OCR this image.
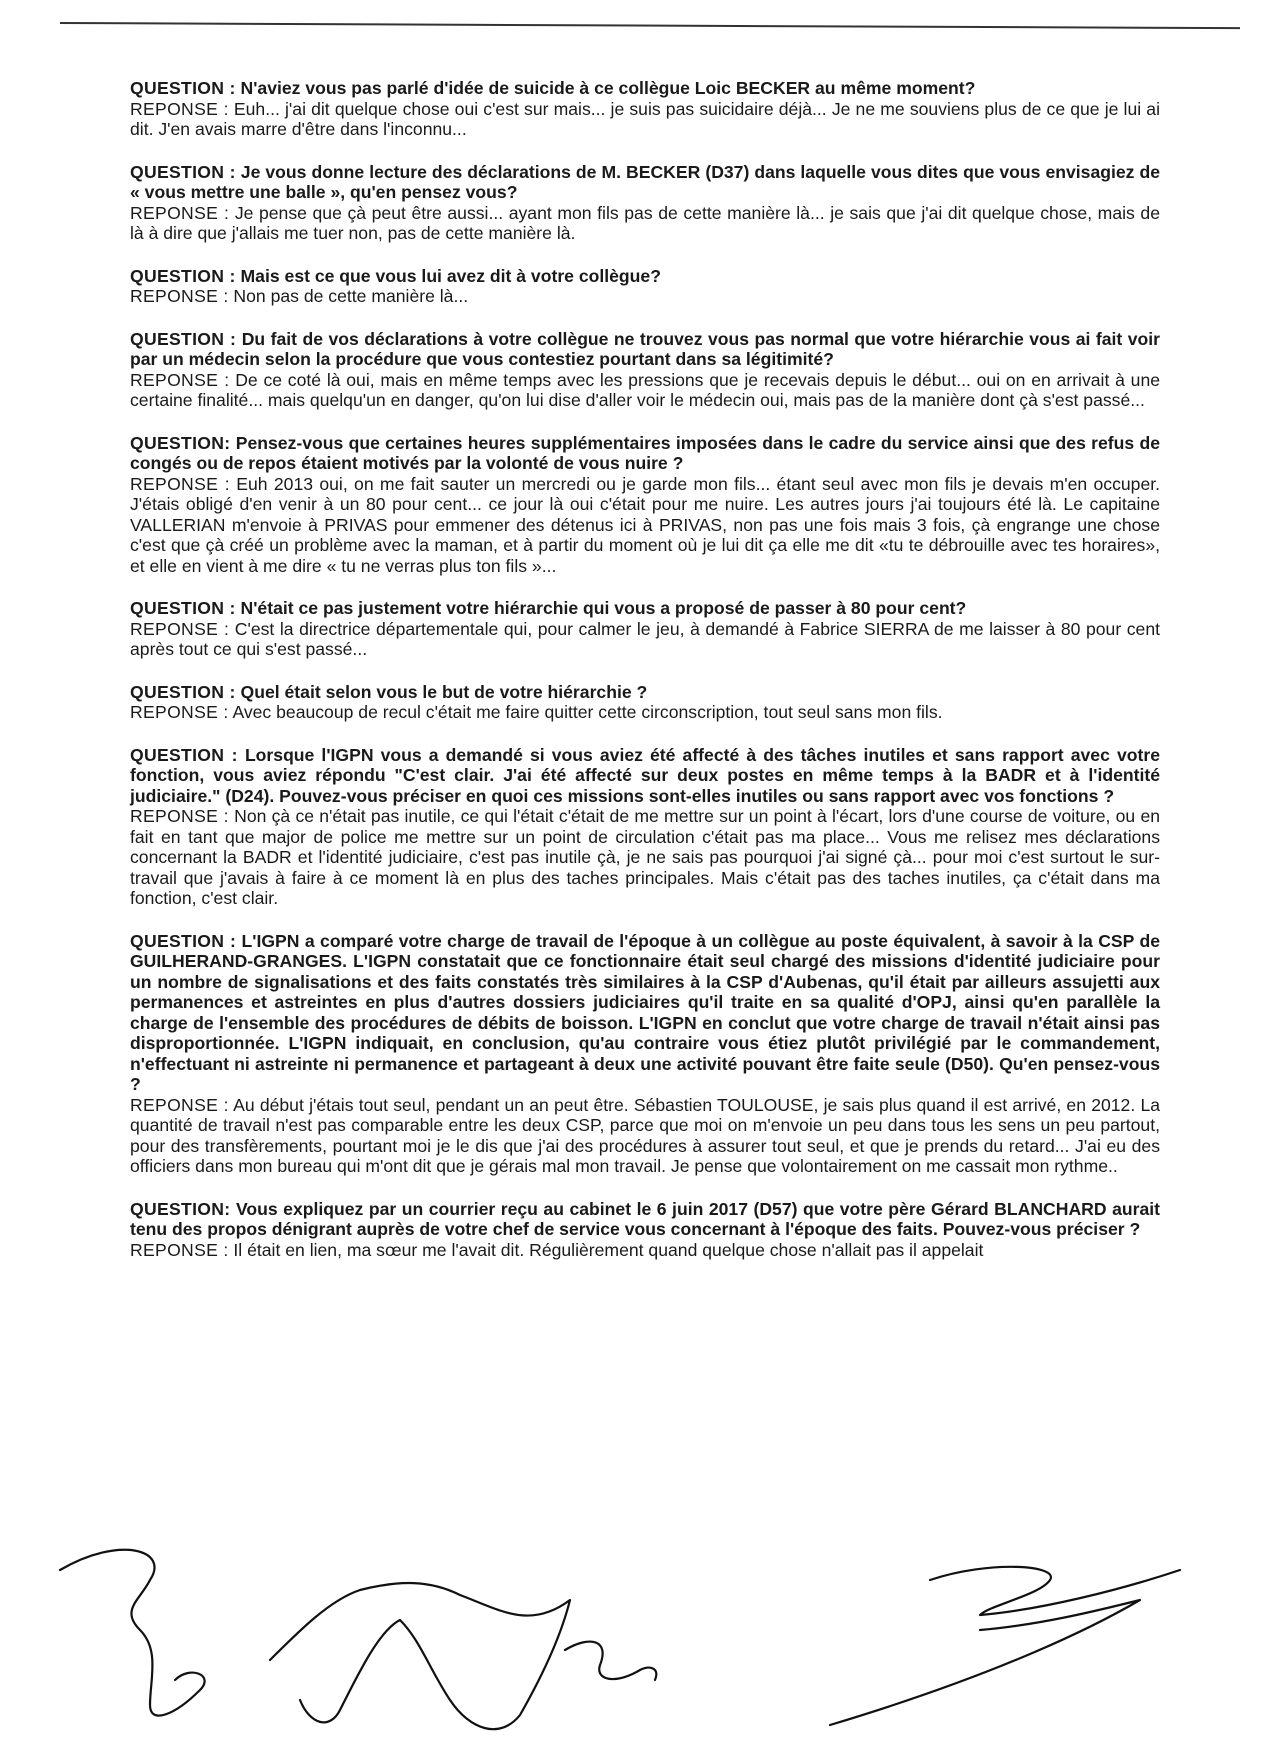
QUESTION : N'aviez vous pas parlé d'idée de suicide à ce collègue Loic BECKER au même moment?
REPONSE : Euh... j'ai dit quelque chose oui c'est sur mais... je suis pas suicidaire déjà... Je ne me souviens plus de ce que je lui ai dit. J'en avais marre d'être dans l'inconnu...
QUESTION : Je vous donne lecture des déclarations de M. BECKER (D37) dans laquelle vous dites que vous envisagiez de « vous mettre une balle », qu'en pensez vous?
REPONSE : Je pense que çà peut être aussi... ayant mon fils pas de cette manière là... je sais que j'ai dit quelque chose, mais de là à dire que j'allais me tuer non, pas de cette manière là.
QUESTION : Mais est ce que vous lui avez dit à votre collègue?
REPONSE : Non pas de cette manière là...
QUESTION : Du fait de vos déclarations à votre collègue ne trouvez vous pas normal que votre hiérarchie vous ai fait voir par un médecin selon la procédure que vous contestiez pourtant dans sa légitimité?
REPONSE : De ce coté là oui, mais en même temps avec les pressions que je recevais depuis le début... oui on en arrivait à une certaine finalité... mais quelqu'un en danger, qu'on lui dise d'aller voir le médecin oui, mais pas de la manière dont çà s'est passé...
QUESTION: Pensez-vous que certaines heures supplémentaires imposées dans le cadre du service ainsi que des refus de congés ou de repos étaient motivés par la volonté de vous nuire ?
REPONSE : Euh 2013 oui, on me fait sauter un mercredi ou je garde mon fils... étant seul avec mon fils je devais m'en occuper. J'étais obligé d'en venir à un 80 pour cent... ce jour là oui c'était pour me nuire. Les autres jours j'ai toujours été là. Le capitaine VALLERIAN m'envoie à PRIVAS pour emmener des détenus ici à PRIVAS, non pas une fois mais 3 fois, çà engrange une chose c'est que çà créé un problème avec la maman, et à partir du moment où je lui dit ça elle me dit «tu te débrouille avec tes horaires», et elle en vient à me dire « tu ne verras plus ton fils »...
QUESTION : N'était ce pas justement votre hiérarchie qui vous a proposé de passer à 80 pour cent?
REPONSE : C'est la directrice départementale qui, pour calmer le jeu, à demandé à Fabrice SIERRA de me laisser à 80 pour cent après tout ce qui s'est passé...
QUESTION : Quel était selon vous le but de votre hiérarchie ?
REPONSE : Avec beaucoup de recul c'était me faire quitter cette circonscription, tout seul sans mon fils.
QUESTION : Lorsque l'IGPN vous a demandé si vous aviez été affecté à des tâches inutiles et sans rapport avec votre fonction, vous aviez répondu "C'est clair. J'ai été affecté sur deux postes en même temps à la BADR et à l'identité judiciaire." (D24). Pouvez-vous préciser en quoi ces missions sont-elles inutiles ou sans rapport avec vos fonctions ?
REPONSE : Non çà ce n'était pas inutile, ce qui l'était c'était de me mettre sur un point à l'écart, lors d'une course de voiture, ou en fait en tant que major de police me mettre sur un point de circulation c'était pas ma place... Vous me relisez mes déclarations concernant la BADR et l'identité judiciaire, c'est pas inutile çà, je ne sais pas pourquoi j'ai signé çà... pour moi c'est surtout le sur-travail que j'avais à faire à ce moment là en plus des taches principales. Mais c'était pas des taches inutiles, ça c'était dans ma fonction, c'est clair.
QUESTION : L'IGPN a comparé votre charge de travail de l'époque à un collègue au poste équivalent, à savoir à la CSP de GUILHERAND-GRANGES. L'IGPN constatait que ce fonctionnaire était seul chargé des missions d'identité judiciaire pour un nombre de signalisations et des faits constatés très similaires à la CSP d'Aubenas, qu'il était par ailleurs assujetti aux permanences et astreintes en plus d'autres dossiers judiciaires qu'il traite en sa qualité d'OPJ, ainsi qu'en parallèle la charge de l'ensemble des procédures de débits de boisson. L'IGPN en conclut que votre charge de travail n'était ainsi pas disproportionnée. L'IGPN indiquait, en conclusion, qu'au contraire vous étiez plutôt privilégié par le commandement, n'effectuant ni astreinte ni permanence et partageant à deux une activité pouvant être faite seule (D50). Qu'en pensez-vous ?
REPONSE : Au début j'étais tout seul, pendant un an peut être. Sébastien TOULOUSE, je sais plus quand il est arrivé, en 2012. La quantité de travail n'est pas comparable entre les deux CSP, parce que moi on m'envoie un peu dans tous les sens un peu partout, pour des transfèrements, pourtant moi je le dis que j'ai des procédures à assurer tout seul, et que je prends du retard... J'ai eu des officiers dans mon bureau qui m'ont dit que je gérais mal mon travail. Je pense que volontairement on me cassait mon rythme..
QUESTION: Vous expliquez par un courrier reçu au cabinet le 6 juin 2017 (D57) que votre père Gérard BLANCHARD aurait tenu des propos dénigrant auprès de votre chef de service vous concernant à l'époque des faits. Pouvez-vous préciser ?
REPONSE : Il était en lien, ma sœur me l'avait dit. Régulièrement quand quelque chose n'allait pas il appelait
